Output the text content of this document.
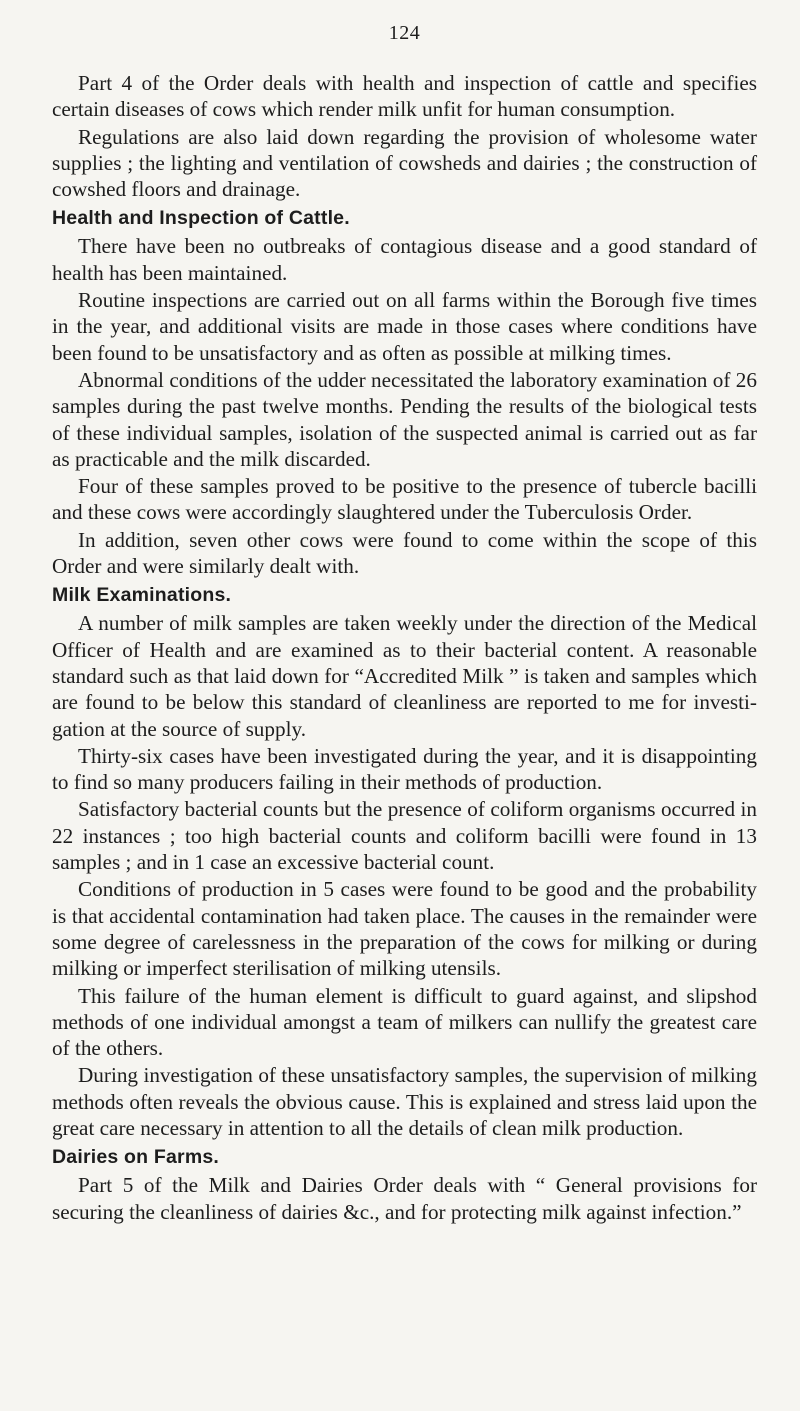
124

Part 4 of the Order deals with health and inspection of cattle and specifies certain diseases of cows which render milk unfit for human consumption.

Regulations are also laid down regarding the provision of wholesome water supplies ; the lighting and ventilation of cowsheds and dairies ; the construction of cowshed floors and drainage.

Health and Inspection of Cattle.

There have been no outbreaks of contagious disease and a good standard of health has been maintained.

Routine inspections are carried out on all farms within the Borough five times in the year, and additional visits are made in those cases where conditions have been found to be unsatisfactory and as often as possible at milking times.

Abnormal conditions of the udder necessitated the laboratory examination of 26 samples during the past twelve months. Pending the results of the biological tests of these individual samples, isolation of the suspected animal is carried out as far as practicable and the milk discarded.

Four of these samples proved to be positive to the presence of tubercle bacilli and these cows were accordingly slaughtered under the Tuberculosis Order.

In addition, seven other cows were found to come within the scope of this Order and were similarly dealt with.

Milk Examinations.

A number of milk samples are taken weekly under the direction of the Medical Officer of Health and are examined as to their bacterial content. A reasonable standard such as that laid down for “Accredited Milk ” is taken and samples which are found to be below this standard of cleanliness are reported to me for investi-gation at the source of supply.

Thirty-six cases have been investigated during the year, and it is disappointing to find so many producers failing in their methods of production.

Satisfactory bacterial counts but the presence of coliform organisms occurred in 22 instances ; too high bacterial counts and coliform bacilli were found in 13 samples ; and in 1 case an excessive bacterial count.

Conditions of production in 5 cases were found to be good and the probability is that accidental contamination had taken place. The causes in the remainder were some degree of carelessness in the preparation of the cows for milking or during milking or imperfect sterilisation of milking utensils.

This failure of the human element is difficult to guard against, and slipshod methods of one individual amongst a team of milkers can nullify the greatest care of the others.

During investigation of these unsatisfactory samples, the supervision of milking methods often reveals the obvious cause. This is explained and stress laid upon the great care necessary in attention to all the details of clean milk production.

Dairies on Farms.

Part 5 of the Milk and Dairies Order deals with “ General provisions for securing the cleanliness of dairies &c., and for protecting milk against infection.”
